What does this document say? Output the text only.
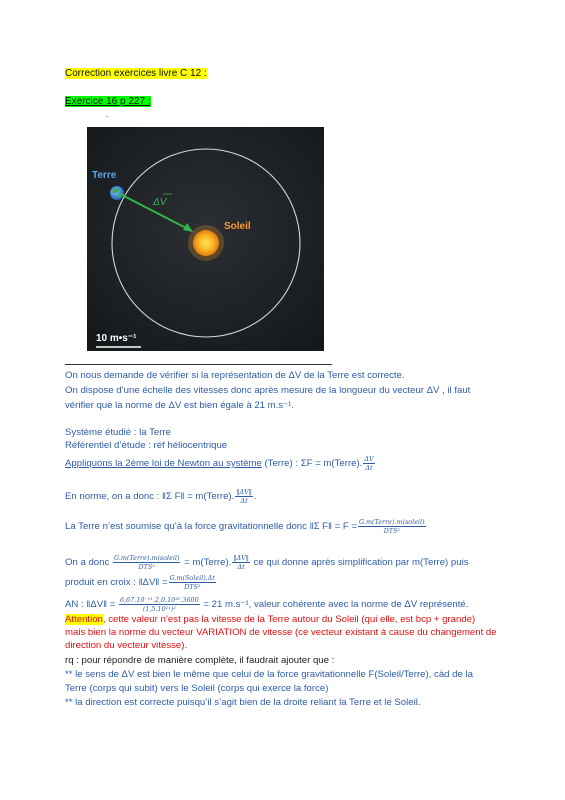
Correction exercices livre C 12 :
Exercice 16 p 227 :
-
Soleil
Terre
ΔV
10 m•s⁻¹
On nous demande de vérifier si la représentation de ΔV de la Terre est correcte.
On dispose d’une échelle des vitesses donc après mesure de la longueur du vecteur ΔV , il faut
vérifier que la norme de ΔV est bien égale à 21 m.s⁻¹.
Système étudié : la Terre
Référentiel d’étude : réf héliocentrique
Appliquons la 2ème loi de Newton au système (Terre) : ΣF = m(Terre). $\frac{\Delta V}{\Delta t}$
En norme, on a donc : ‖Σ F‖ = m(Terre). $\frac{‖\Delta V‖}{\Delta t}$ .
La Terre n’est soumise qu’à la force gravitationnelle donc ‖Σ F‖ = $F = \frac{\text{G.m(Terre).m(soleil)}}{\text{DTS²}}$
On a donc $\frac{\text{G.m(Terre).m(soleil)}}{\text{DTS²}}$ = m(Terre). $\frac{‖\Delta V‖}{\Delta t}$ ce qui donne après simplification par m(Terre) puis
produit en croix : ‖ΔV‖ = $\frac{\text{G.m(Soleil).Δt}}{\text{DTS²}}$
AN : ‖ΔV‖ = $\frac{\text{6,67.10⁻¹¹.2,0.10³⁰.3600}}{\text{(1,5.10¹¹)²}} = 21$ m.s⁻¹, valeur cohérente avec la norme de ΔV représenté.
Attention, cette valeur n’est pas la vitesse de la Terre autour du Soleil (qui elle, est bcp + grande)
mais bien la norme du vecteur VARIATION de vitesse (ce vecteur existant à cause du changement de
direction du vecteur vitesse).
rq : pour répondre de manière complète, il faudrait ajouter que :
** le sens de ΔV est bien le même que celui de la force gravitationnelle F(Soleil/Terre), càd de la
Terre (corps qui subit) vers le Soleil (corps qui exerce la force)
** la direction est correcte puisqu’il s’agit bien de la droite reliant la Terre et le Soleil.
